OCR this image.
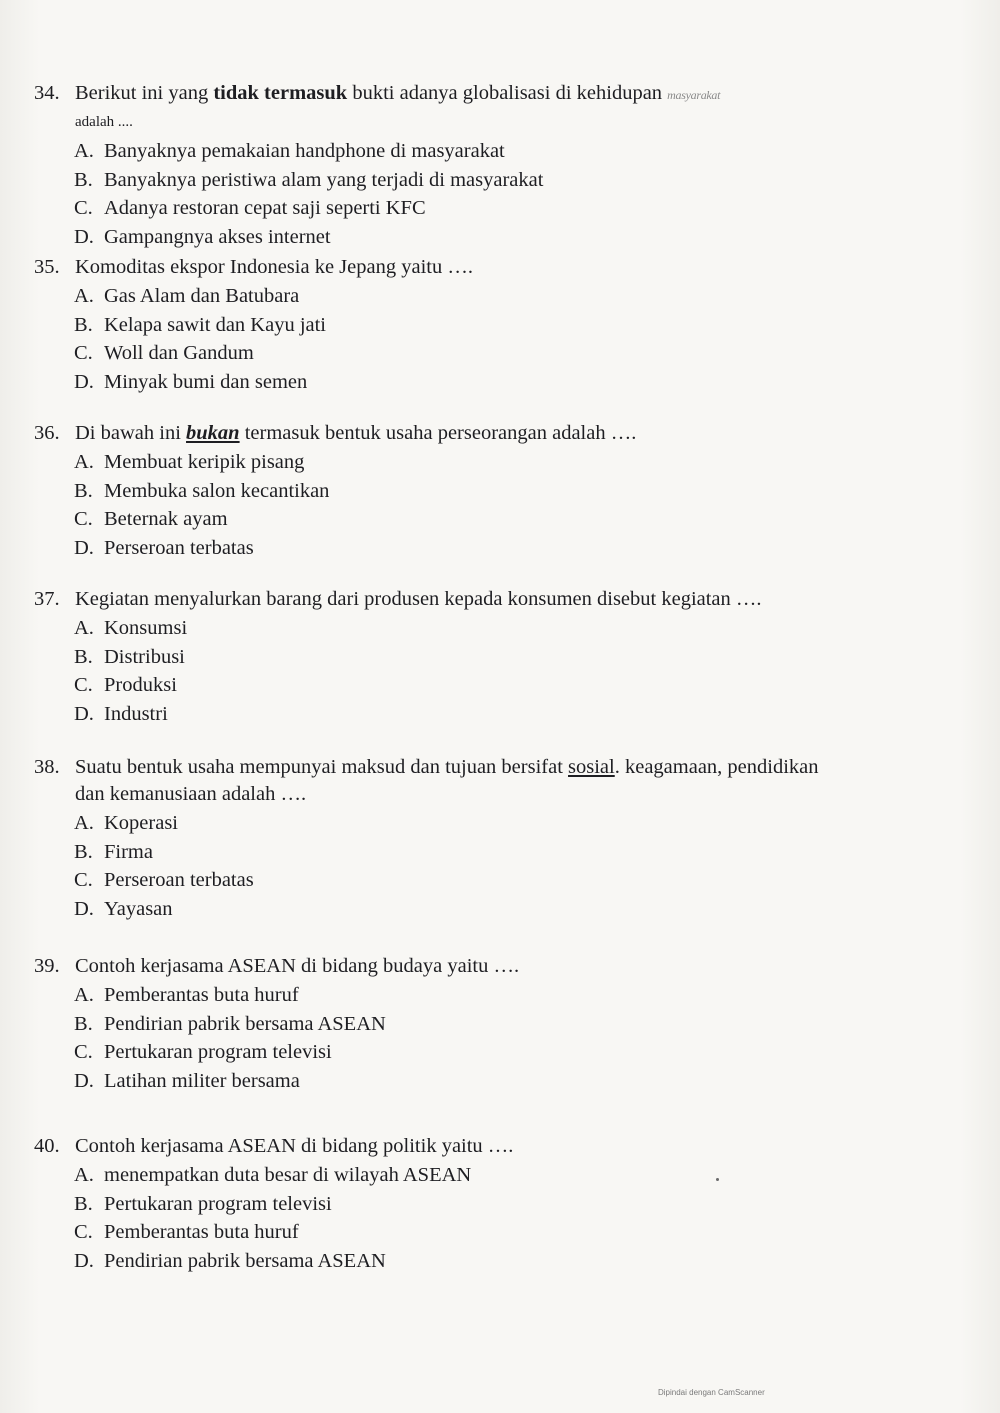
34. Berikut ini yang tidak termasuk bukti adanya globalisasi di kehidupan masyarakat
adalah ....
A. Banyaknya pemakaian handphone di masyarakat
B. Banyaknya peristiwa alam yang terjadi di masyarakat
C. Adanya restoran cepat saji seperti KFC
D. Gampangnya akses internet
35. Komoditas ekspor Indonesia ke Jepang yaitu ….
A. Gas Alam dan Batubara
B. Kelapa sawit dan Kayu jati
C. Woll dan Gandum
D. Minyak bumi dan semen
36. Di bawah ini bukan termasuk bentuk usaha perseorangan adalah ….
A. Membuat keripik pisang
B. Membuka salon kecantikan
C. Beternak ayam
D. Perseroan terbatas
37. Kegiatan menyalurkan barang dari produsen kepada konsumen disebut kegiatan ….
A. Konsumsi
B. Distribusi
C. Produksi
D. Industri
38. Suatu bentuk usaha mempunyai maksud dan tujuan bersifat sosial. keagamaan, pendidikan
dan kemanusiaan adalah ….
A. Koperasi
B. Firma
C. Perseroan terbatas
D. Yayasan
39. Contoh kerjasama ASEAN di bidang budaya yaitu ….
A. Pemberantas buta huruf
B. Pendirian pabrik bersama ASEAN
C. Pertukaran program televisi
D. Latihan militer bersama
40. Contoh kerjasama ASEAN di bidang politik yaitu ….
A. menempatkan duta besar di wilayah ASEAN
B. Pertukaran program televisi
C. Pemberantas buta huruf
D. Pendirian pabrik bersama ASEAN
Dipindai dengan CamScanner
